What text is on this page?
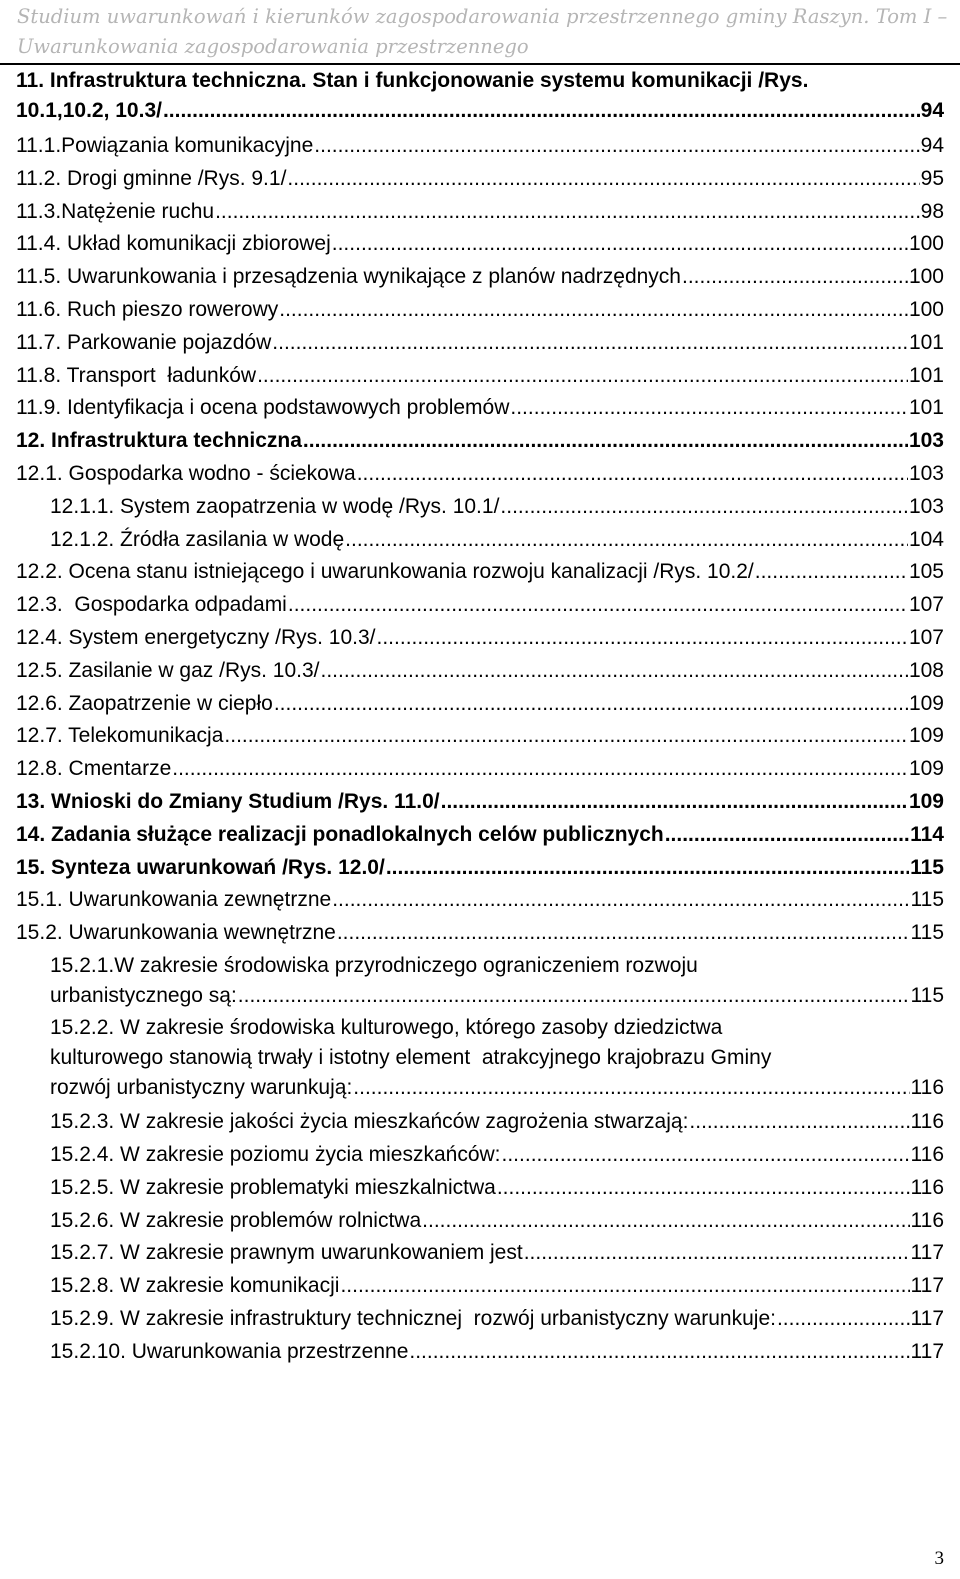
Studium uwarunkowań i kierunków zagospodarowania przestrzennego gminy Raszyn. Tom I –
Uwarunkowania zagospodarowania przestrzennego
11. Infrastruktura techniczna. Stan i funkcjonowanie systemu komunikacji /Rys.
10.1,10.2, 10.3/ .....	94
11.1.Powiązania komunikacyjne .....	94
11.2. Drogi gminne /Rys. 9.1/ .....	95
11.3.Natężenie ruchu .....	98
11.4. Układ komunikacji zbiorowej .....	100
11.5. Uwarunkowania i przesądzenia wynikające z planów nadrzędnych .....	100
11.6. Ruch pieszo rowerowy .....	100
11.7. Parkowanie pojazdów .....	101
11.8. Transport  ładunków .....	101
11.9. Identyfikacja i ocena podstawowych problemów .....	101
12. Infrastruktura techniczna .....	103
12.1. Gospodarka wodno - ściekowa .....	103
12.1.1. System zaopatrzenia w wodę /Rys. 10.1/ .....	103
12.1.2. Źródła zasilania w wodę .....	104
12.2. Ocena stanu istniejącego i uwarunkowania rozwoju kanalizacji /Rys. 10.2/ .....	105
12.3.  Gospodarka odpadami .....	107
12.4. System energetyczny /Rys. 10.3/ .....	107
12.5. Zasilanie w gaz /Rys. 10.3/ .....	108
12.6. Zaopatrzenie w ciepło .....	109
12.7. Telekomunikacja .....	109
12.8. Cmentarze .....	109
13. Wnioski do Zmiany Studium /Rys. 11.0/ .....	109
14. Zadania służące realizacji ponadlokalnych celów publicznych .....	114
15. Synteza uwarunkowań /Rys. 12.0/ .....	115
15.1. Uwarunkowania zewnętrzne .....	115
15.2. Uwarunkowania wewnętrzne .....	115
15.2.1.W zakresie środowiska przyrodniczego ograniczeniem rozwoju
urbanistycznego są: .....	115
15.2.2. W zakresie środowiska kulturowego, którego zasoby dziedzictwa
kulturowego stanowią trwały i istotny element  atrakcyjnego krajobrazu Gminy
rozwój urbanistyczny warunkują: .....	116
15.2.3. W zakresie jakości życia mieszkańców zagrożenia stwarzają: .....	116
15.2.4. W zakresie poziomu życia mieszkańców: .....	116
15.2.5. W zakresie problematyki mieszkalnictwa .....	116
15.2.6. W zakresie problemów rolnictwa .....	116
15.2.7. W zakresie prawnym uwarunkowaniem jest .....	117
15.2.8. W zakresie komunikacji .....	117
15.2.9. W zakresie infrastruktury technicznej  rozwój urbanistyczny warunkuje: .....	117
15.2.10. Uwarunkowania przestrzenne .....	117
3
